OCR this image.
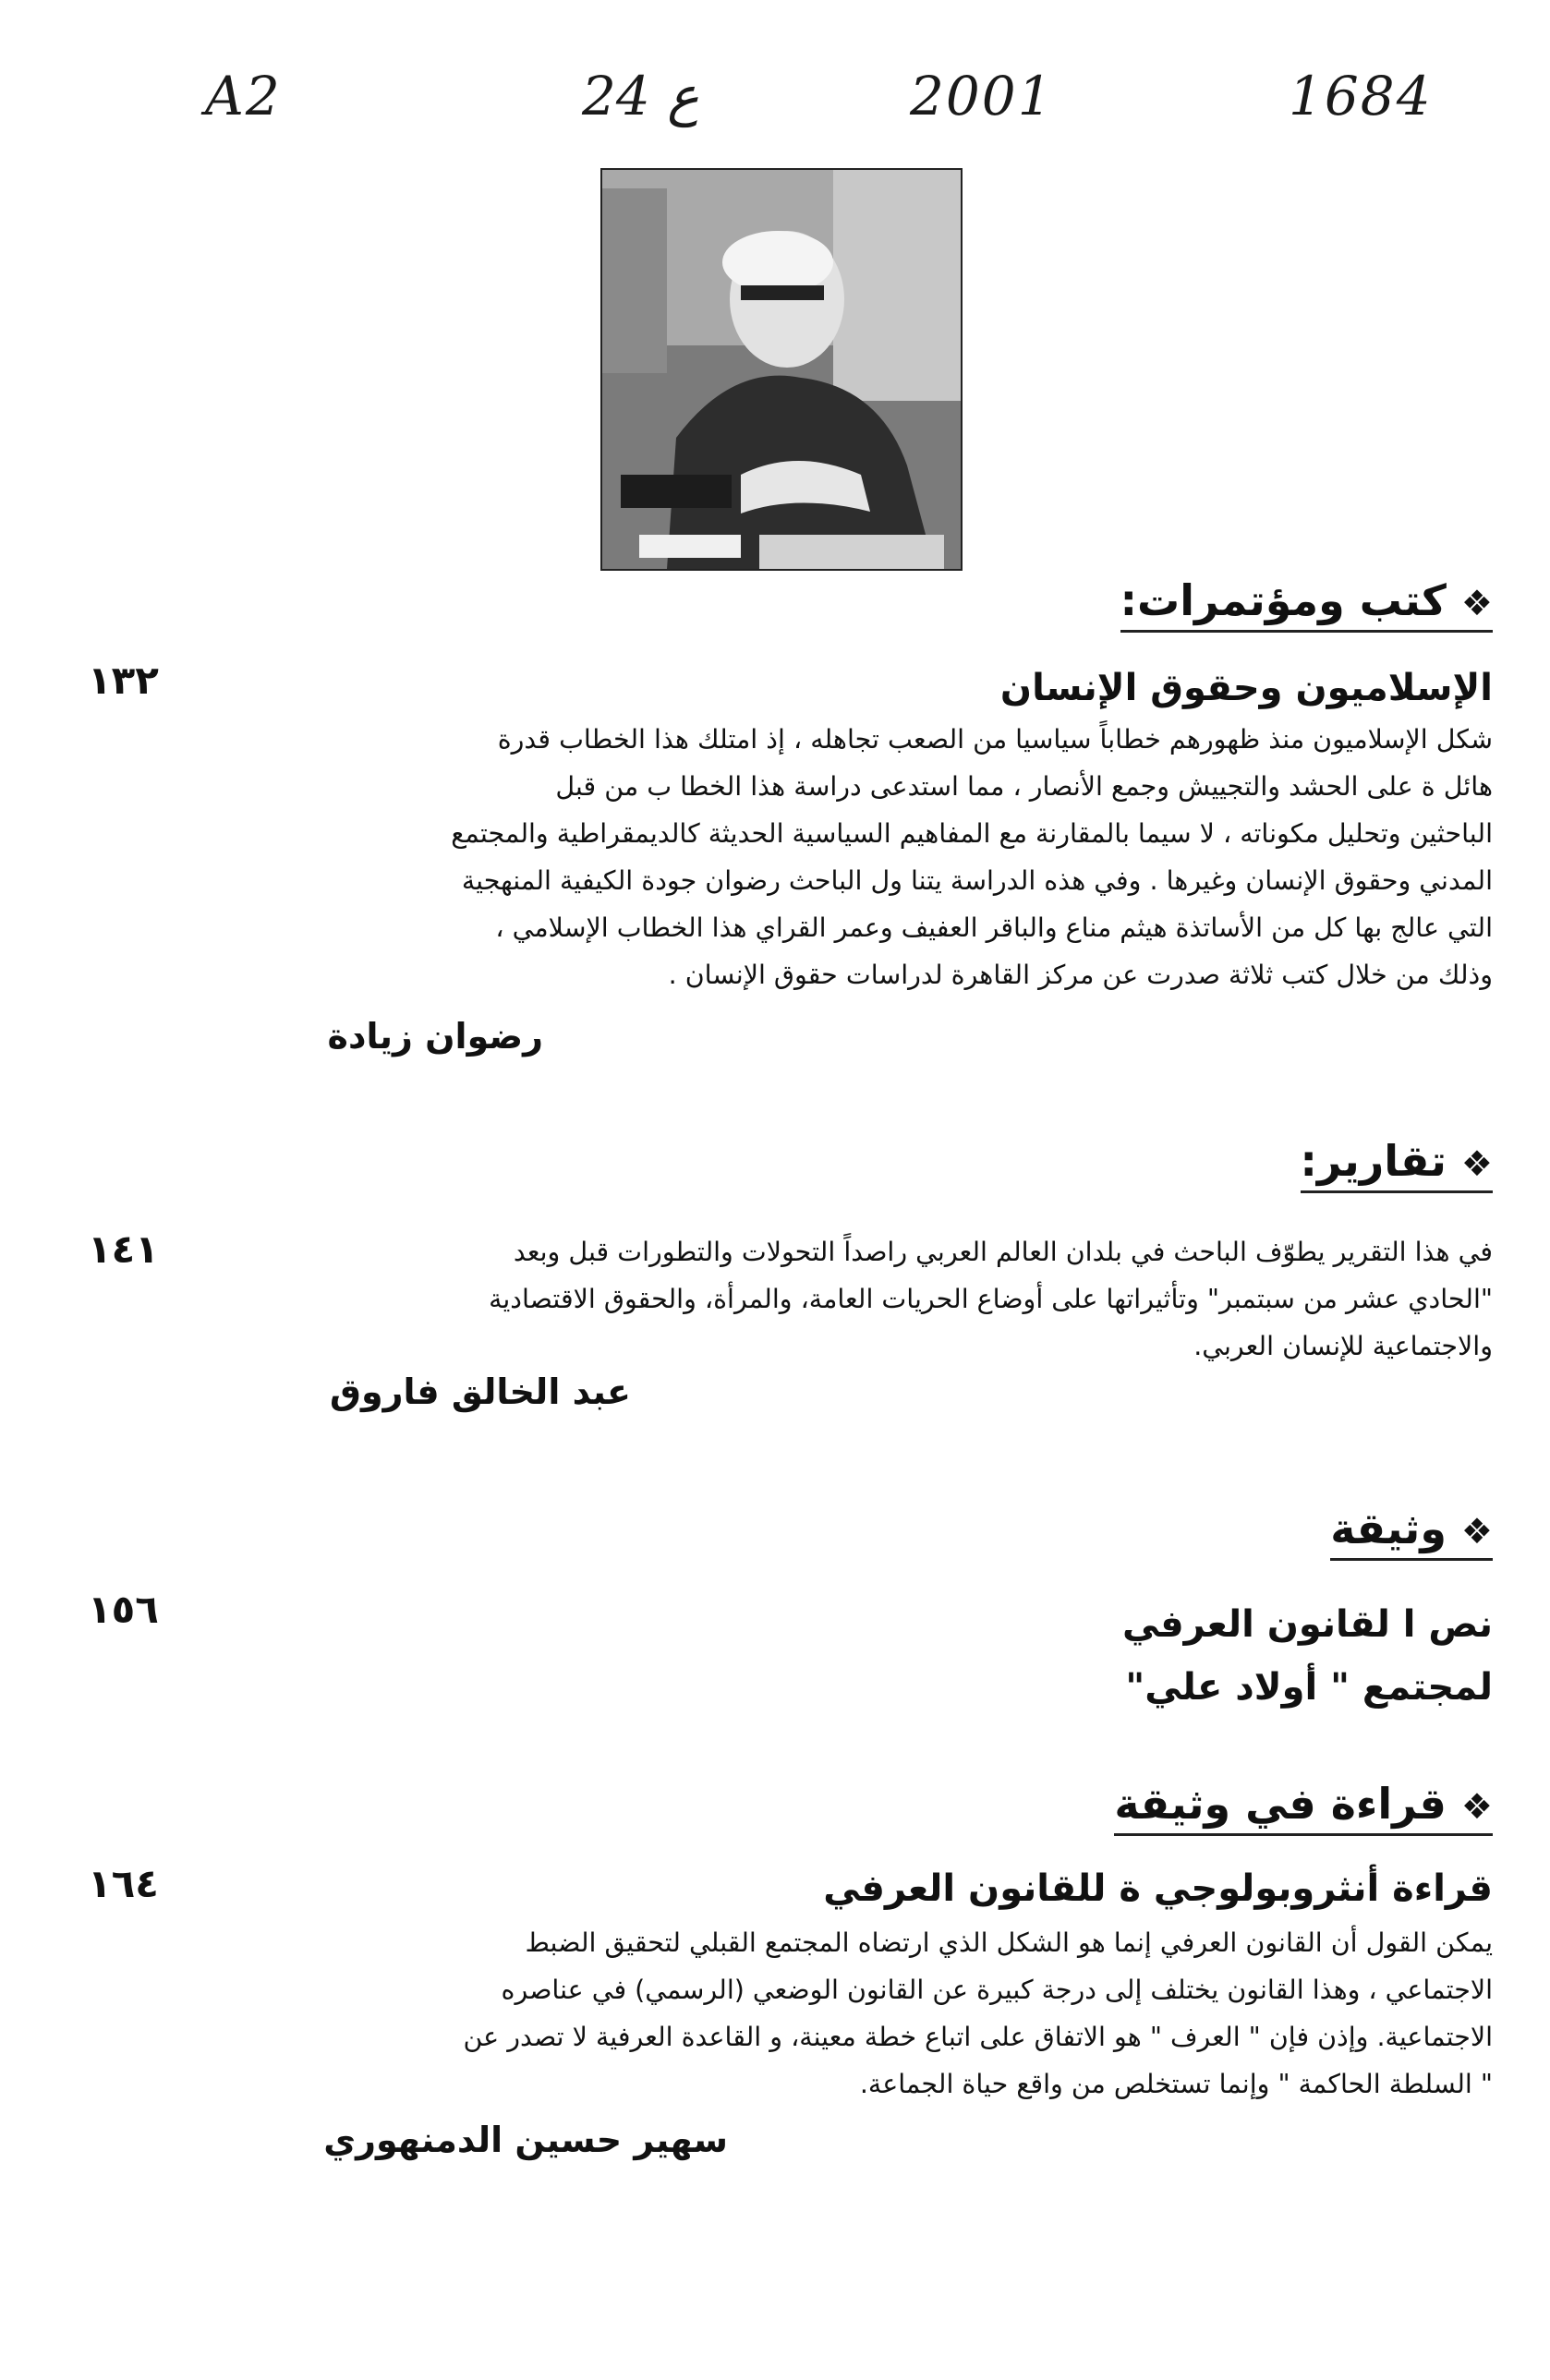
A2	ع 24	2001	1684
❖كتب ومؤتمرات:
١٣٢	الإسلاميون وحقوق الإنسان

شكل الإسلاميون منذ ظهورهم خطاباً سياسيا من الصعب تجاهله ، إذ امتلك هذا الخطاب قدرة

هائل ة على الحشد والتجييش وجمع الأنصار ، مما استدعى دراسة هذا الخطا ب من قبل

الباحثين وتحليل مكوناته ، لا سيما بالمقارنة مع المفاهيم السياسية الحديثة كالديمقراطية والمجتمع

المدني وحقوق الإنسان وغيرها . وفي هذه الدراسة يتنا ول الباحث رضوان جودة الكيفية المنهجية

التي عالج بها كل من الأساتذة هيثم مناع والباقر العفيف وعمر القراي هذا الخطاب الإسلامي ،

وذلك من خلال كتب ثلاثة صدرت عن مركز القاهرة لدراسات حقوق الإنسان .

رضوان زيادة
❖تقارير:
١٤١	في هذا التقرير يطوّف الباحث في بلدان العالم العربي راصداً التحولات والتطورات قبل وبعد

"الحادي عشر من سبتمبر" وتأثيراتها على أوضاع الحريات العامة، والمرأة، والحقوق الاقتصادية

والاجتماعية للإنسان العربي.

عبد الخالق فاروق
❖وثيقة
١٥٦	نص ا لقانون العرفي
لمجتمع " أولاد علي"
❖قراءة في وثيقة
١٦٤	قراءة أنثروبولوجي ة للقانون العرفي

يمكن القول أن القانون العرفي إنما هو الشكل الذي ارتضاه المجتمع القبلي لتحقيق الضبط

الاجتماعي ، وهذا القانون يختلف إلى درجة كبيرة عن القانون الوضعي (الرسمي) في عناصره

الاجتماعية. وإذن فإن " العرف " هو الاتفاق على اتباع خطة معينة، و القاعدة العرفية لا تصدر عن

" السلطة الحاكمة " وإنما تستخلص من واقع حياة الجماعة.

سهير حسين الدمنهوري
